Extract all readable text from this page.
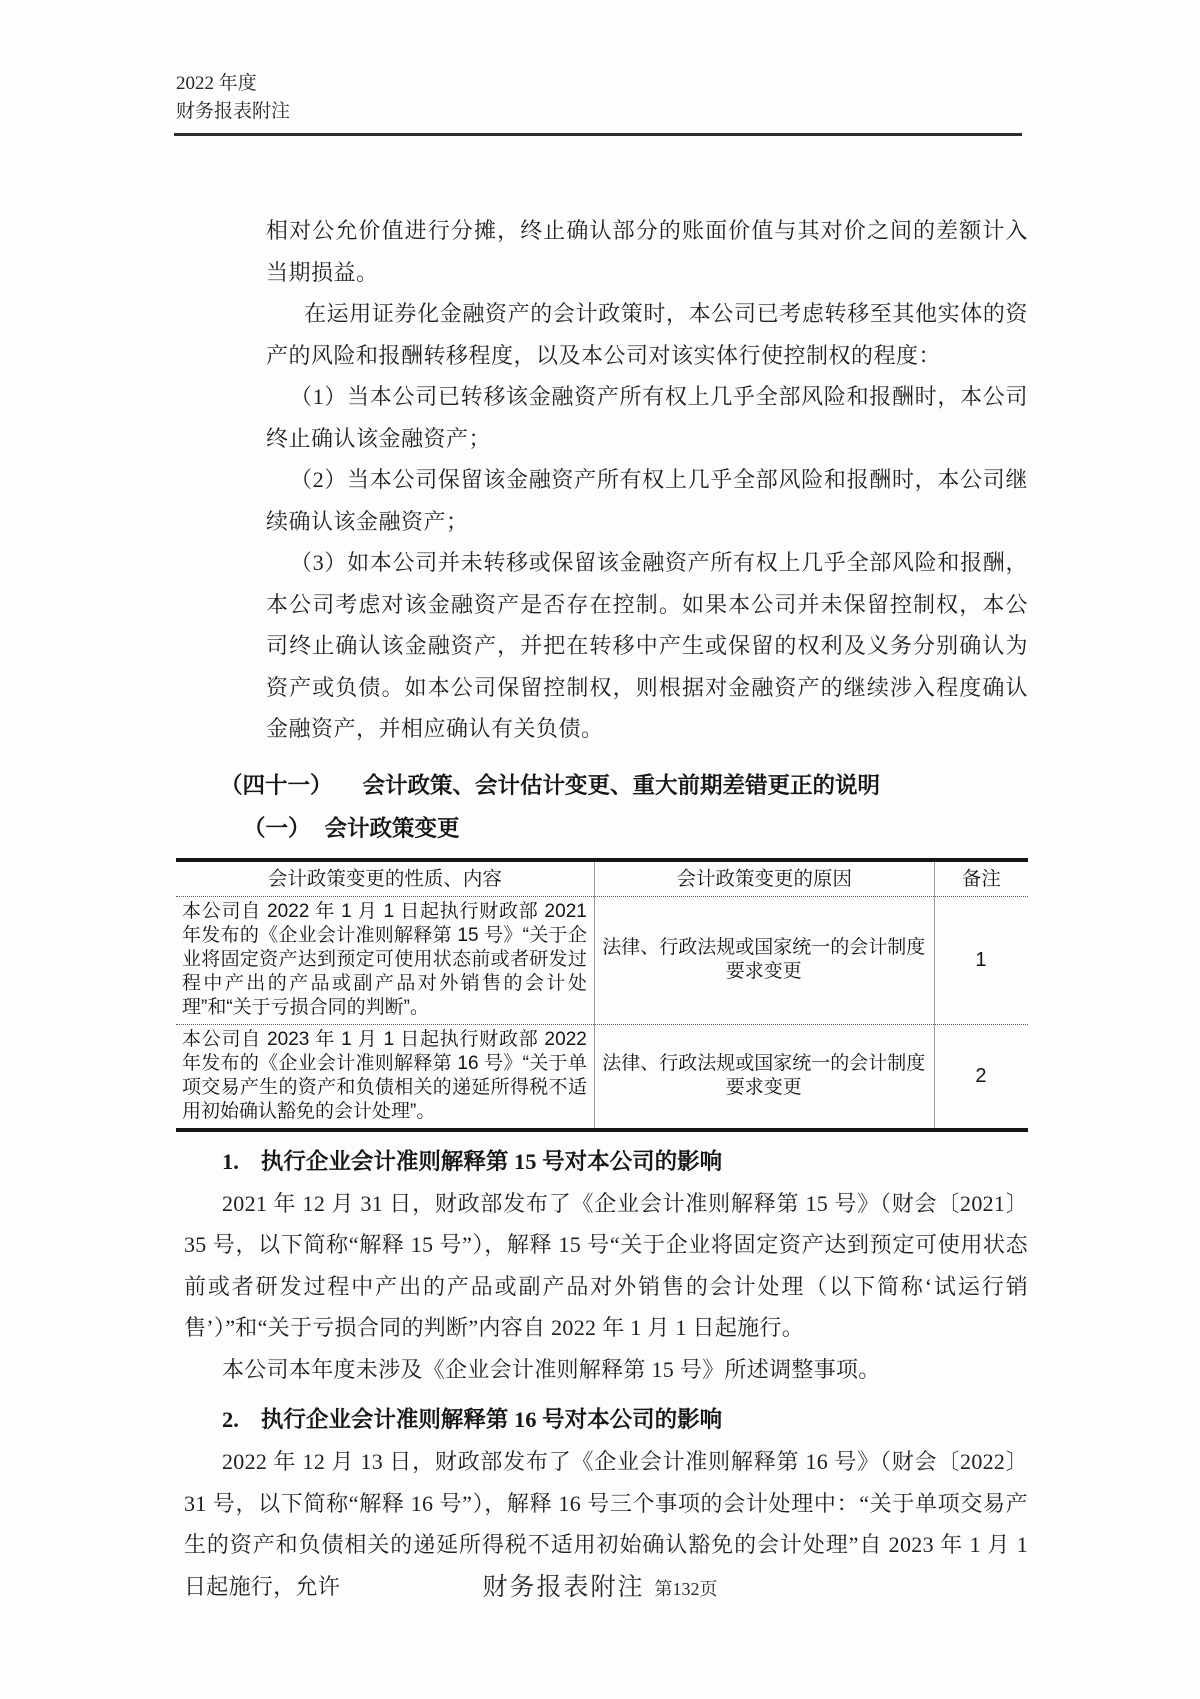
2022 年度
财务报表附注

相对公允价值进行分摊，终止确认部分的账面价值与其对价之间的差额计入当期损益。

在运用证券化金融资产的会计政策时，本公司已考虑转移至其他实体的资产的风险和报酬转移程度，以及本公司对该实体行使控制权的程度：

（1）当本公司已转移该金融资产所有权上几乎全部风险和报酬时，本公司终止确认该金融资产；

（2）当本公司保留该金融资产所有权上几乎全部风险和报酬时，本公司继续确认该金融资产；

（3）如本公司并未转移或保留该金融资产所有权上几乎全部风险和报酬，本公司考虑对该金融资产是否存在控制。如果本公司并未保留控制权，本公司终止确认该金融资产，并把在转移中产生或保留的权利及义务分别确认为资产或负债。如本公司保留控制权，则根据对金融资产的继续涉入程度确认金融资产，并相应确认有关负债。

（四十一） 会计政策、会计估计变更、重大前期差错更正的说明
（一） 会计政策变更
会计政策变更的性质、内容	会计政策变更的原因	备注
本公司自 2022 年 1 月 1 日起执行财政部 2021 年发布的《企业会计准则解释第 15 号》“关于企业将固定资产达到预定可使用状态前或者研发过程中产出的产品或副产品对外销售的会计处理”和“关于亏损合同的判断”。	法律、行政法规或国家统一的会计制度要求变更	1
本公司自 2023 年 1 月 1 日起执行财政部 2022 年发布的《企业会计准则解释第 16 号》“关于单项交易产生的资产和负债相关的递延所得税不适用初始确认豁免的会计处理”。	法律、行政法规或国家统一的会计制度要求变更	2
1. 执行企业会计准则解释第 15 号对本公司的影响

2021 年 12 月 31 日，财政部发布了《企业会计准则解释第 15 号》（财会〔2021〕35 号，以下简称“解释 15 号”），解释 15 号“关于企业将固定资产达到预定可使用状态前或者研发过程中产出的产品或副产品对外销售的会计处理（以下简称‘试运行销售’）”和“关于亏损合同的判断”内容自 2022 年 1 月 1 日起施行。

本公司本年度未涉及《企业会计准则解释第 15 号》所述调整事项。

2. 执行企业会计准则解释第 16 号对本公司的影响

2022 年 12 月 13 日，财政部发布了《企业会计准则解释第 16 号》（财会〔2022〕31 号，以下简称“解释 16 号”），解释 16 号三个事项的会计处理中：“关于单项交易产生的资产和负债相关的递延所得税不适用初始确认豁免的会计处理”自 2023 年 1 月 1 日起施行，允许	财务报表附注 第132页
